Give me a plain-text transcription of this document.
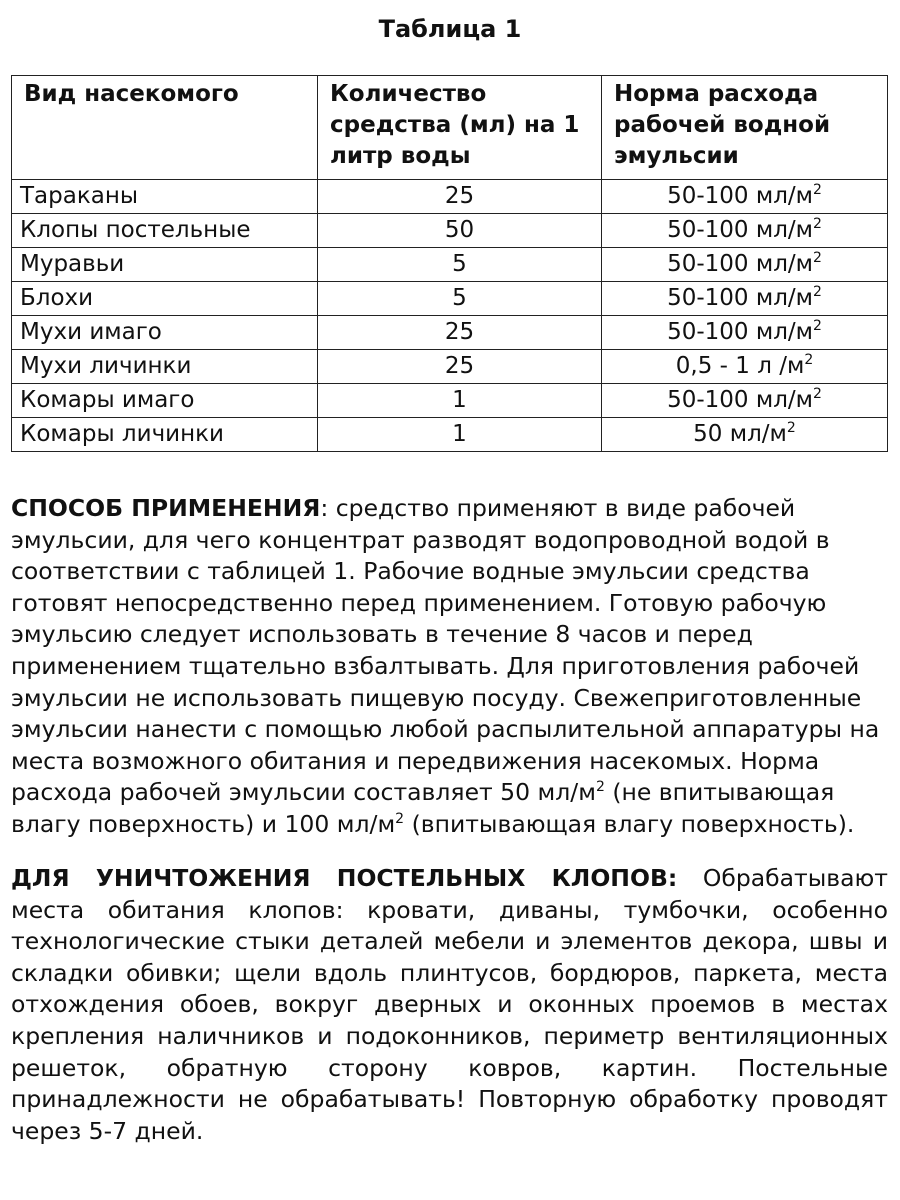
Таблица 1
Вид насекомого	Количество средства (мл) на 1 литр воды	Норма расхода рабочей водной эмульсии
Тараканы	25	50-100 $мл/м^2$
Клопы постельные	50	50-100 $мл/м^2$
Муравьи	5	50-100 $мл/м^2$
Блохи	5	50-100 $мл/м^2$
Мухи имаго	25	50-100 $мл/м^2$
Мухи личинки	25	0,5 - 1 л $/м^2$
Комары имаго	1	50-100 $мл/м^2$
Комары личинки	1	50 $мл/м^2$
СПОСОБ ПРИМЕНЕНИЯ: средство применяют в виде рабочей эмульсии, для чего концентрат разводят водопроводной водой в соответствии с таблицей 1. Рабочие водные эмульсии средства готовят непосредственно перед применением. Готовую рабочую эмульсию следует использовать в течение 8 часов и перед применением тщательно взбалтывать. Для приготовления рабочей эмульсии не использовать пищевую посуду. Свежеприготовленные эмульсии нанести с помощью любой распылительной аппаратуры на места возможного обитания и передвижения насекомых. Норма расхода рабочей эмульсии составляет 50 $мл/м^2$ (не впитывающая влагу поверхность) и 100 $мл/м^2$ (впитывающая влагу поверхность).
ДЛЯ УНИЧТОЖЕНИЯ ПОСТЕЛЬНЫХ КЛОПОВ: Обрабатывают места обитания клопов: кровати, диваны, тумбочки, особенно технологические стыки деталей мебели и элементов декора, швы и складки обивки; щели вдоль плинтусов, бордюров, паркета, места отхождения обоев, вокруг дверных и оконных проемов в местах крепления наличников и подоконников, периметр вентиляционных решеток, обратную сторону ковров, картин. Постельные принадлежности не обрабатывать! Повторную обработку проводят через 5-7 дней.
